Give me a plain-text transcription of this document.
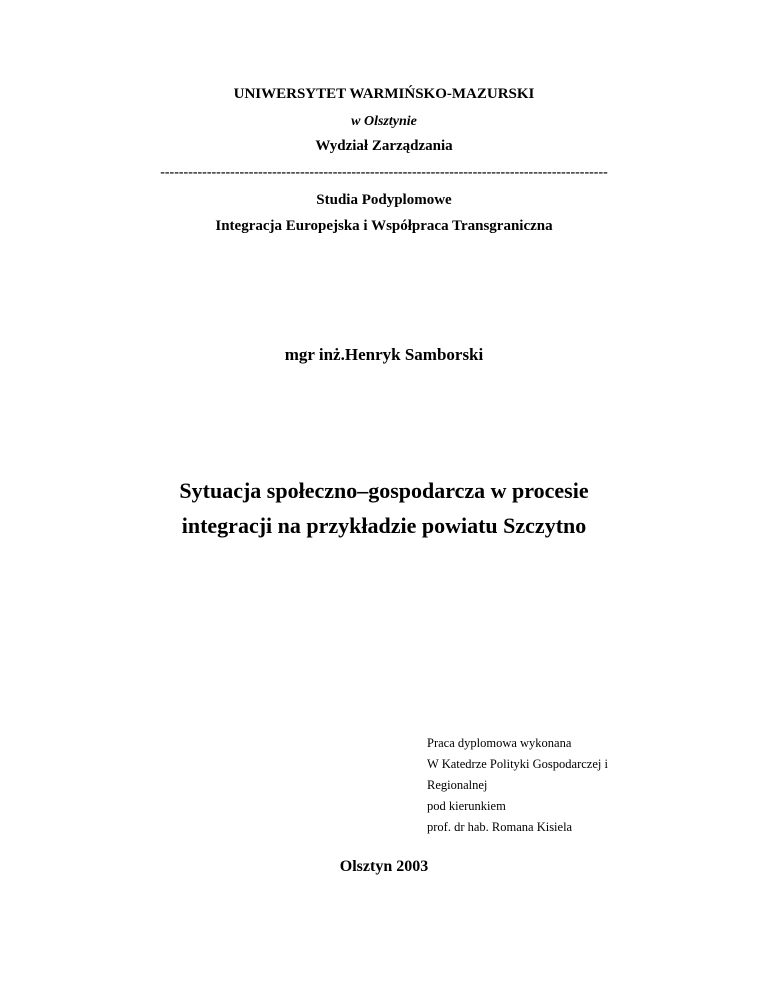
UNIWERSYTET WARMIŃSKO-MAZURSKI
w Olsztynie
Wydział Zarządzania
------------------------------------------------------------------------------------------------
Studia Podyplomowe
Integracja Europejska i Współpraca Transgraniczna
mgr inż.Henryk Samborski
Sytuacja społeczno–gospodarcza w procesie
integracji na przykładzie powiatu Szczytno
Praca dyplomowa wykonana
W Katedrze Polityki Gospodarczej i
Regionalnej
pod kierunkiem
prof. dr hab. Romana Kisiela
Olsztyn 2003
